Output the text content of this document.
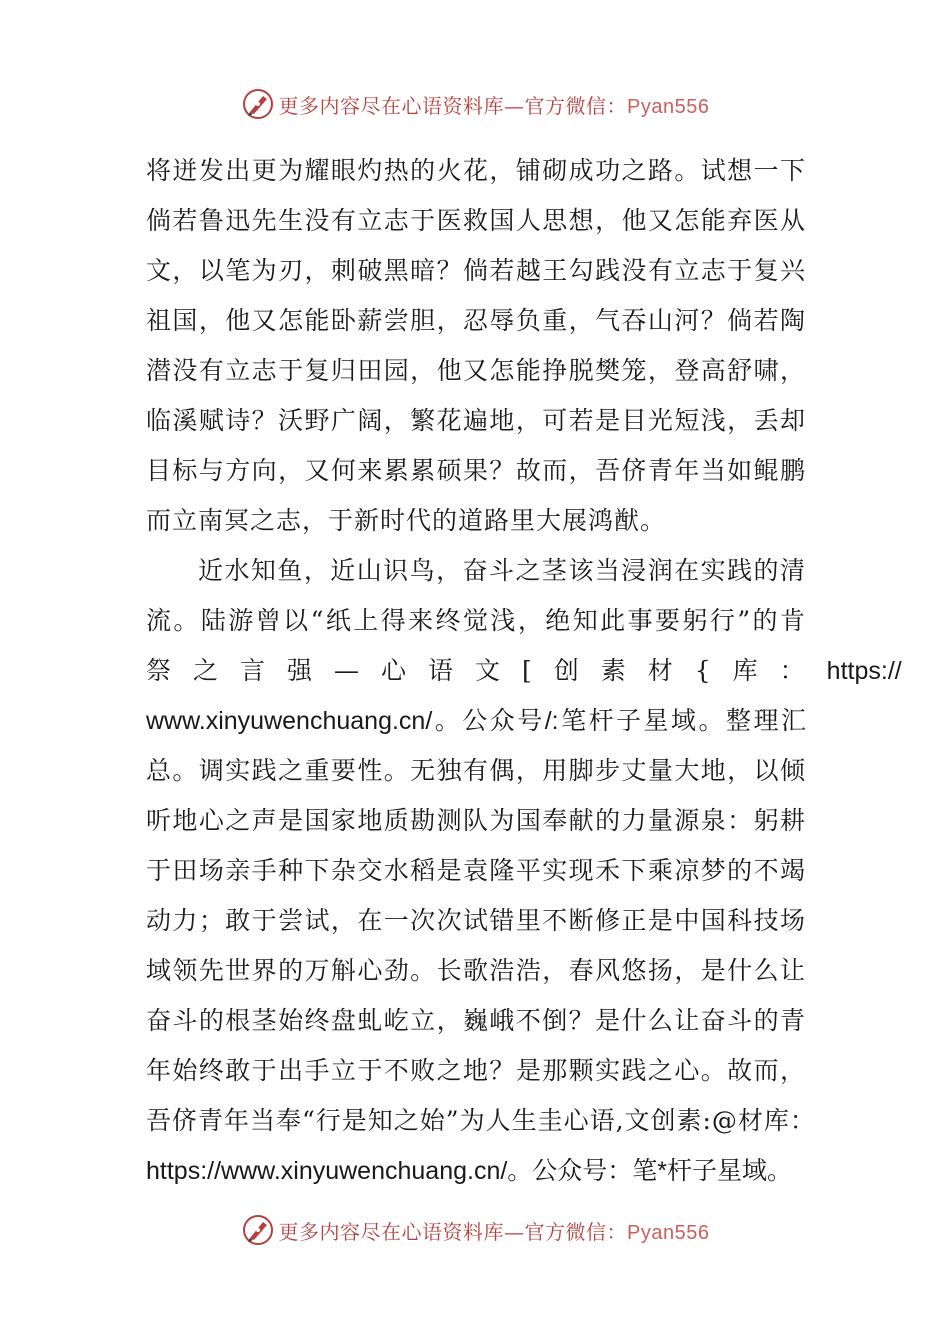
更多内容尽在心语资料库—官方微信：Pyan556
将迸发出更为耀眼灼热的火花，铺砌成功之路。试想一下
倘若鲁迅先生没有立志于医救国人思想，他又怎能弃医从
文，以笔为刃，刺破黑暗？倘若越王勾践没有立志于复兴
祖国，他又怎能卧薪尝胆，忍辱负重，气吞山河？倘若陶
潜没有立志于复归田园，他又怎能挣脱樊笼，登高舒啸，
临溪赋诗？沃野广阔，繁花遍地，可若是目光短浅，丢却
目标与方向，又何来累累硕果？故而，吾侪青年当如鲲鹏
而立南冥之志，于新时代的道路里大展鸿猷。
近水知鱼，近山识鸟，奋斗之茎该当浸润在实践的清
流。陆游曾以“纸上得来终觉浅，绝知此事要躬行”的肯
祭之言强—心语文[创素材{库：https://
www.xinyuwenchuang.cn/。公众号/:笔杆子星域。整理汇
总。调实践之重要性。无独有偶，用脚步丈量大地，以倾
听地心之声是国家地质勘测队为国奉献的力量源泉：躬耕
于田场亲手种下杂交水稻是袁隆平实现禾下乘凉梦的不竭
动力；敢于尝试，在一次次试错里不断修正是中国科技场
域领先世界的万斛心劲。长歌浩浩，春风悠扬，是什么让
奋斗的根茎始终盘虬屹立，巍峨不倒？是什么让奋斗的青
年始终敢于出手立于不败之地？是那颗实践之心。故而，
吾侪青年当奉“行是知之始”为人生圭心语,文创素:@材库：
https://www.xinyuwenchuang.cn/。公众号：笔*杆子星域。
更多内容尽在心语资料库—官方微信：Pyan556
